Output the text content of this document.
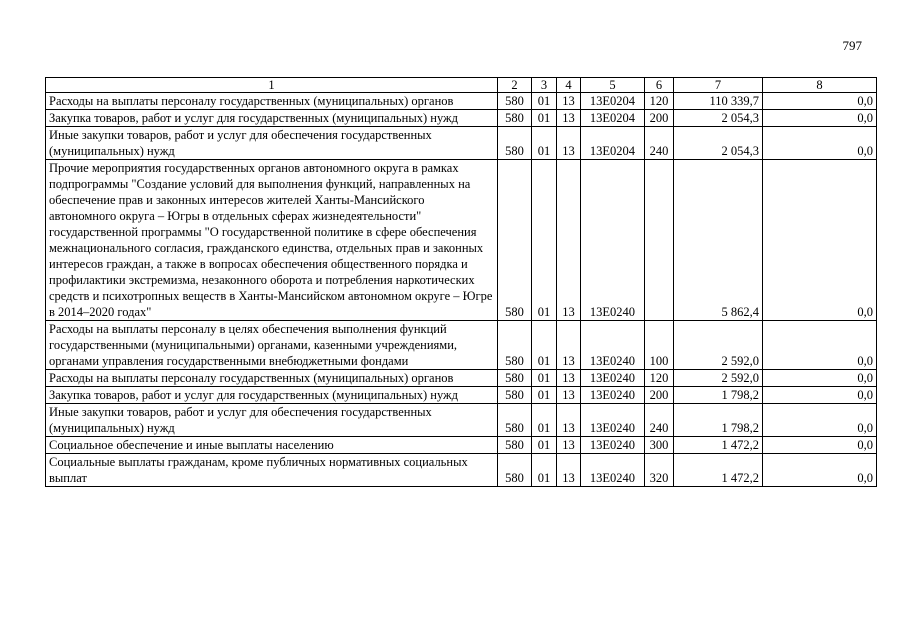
797
1	2	3	4	5	6	7	8
Расходы на выплаты персоналу государственных (муниципальных) органов	580	01	13	13Е0204	120	110 339,7	0,0
Закупка товаров, работ и услуг для государственных (муниципальных) нужд	580	01	13	13Е0204	200	2 054,3	0,0
Иные закупки товаров, работ и услуг для обеспечения государственных (муниципальных) нужд	580	01	13	13Е0204	240	2 054,3	0,0
Прочие мероприятия государственных органов автономного округа в рамках подпрограммы "Создание условий для выполнения функций, направленных на обеспечение прав и законных интересов жителей Ханты-Мансийского автономного округа – Югры в отдельных сферах жизнедеятельности" государственной программы "О государственной политике в сфере обеспечения межнационального согласия, гражданского единства, отдельных прав и законных интересов граждан, а также в вопросах обеспечения общественного порядка и профилактики экстремизма, незаконного оборота и потребления наркотических средств и психотропных веществ в Ханты-Мансийском автономном округе – Югре в 2014–2020 годах"	580	01	13	13Е0240		5 862,4	0,0
Расходы на выплаты персоналу в целях обеспечения выполнения функций государственными (муниципальными) органами, казенными учреждениями, органами управления государственными внебюджетными фондами	580	01	13	13Е0240	100	2 592,0	0,0
Расходы на выплаты персоналу государственных (муниципальных) органов	580	01	13	13Е0240	120	2 592,0	0,0
Закупка товаров, работ и услуг для государственных (муниципальных) нужд	580	01	13	13Е0240	200	1 798,2	0,0
Иные закупки товаров, работ и услуг для обеспечения государственных (муниципальных) нужд	580	01	13	13Е0240	240	1 798,2	0,0
Социальное обеспечение и иные выплаты населению	580	01	13	13Е0240	300	1 472,2	0,0
Социальные выплаты гражданам, кроме публичных нормативных социальных выплат	580	01	13	13Е0240	320	1 472,2	0,0
